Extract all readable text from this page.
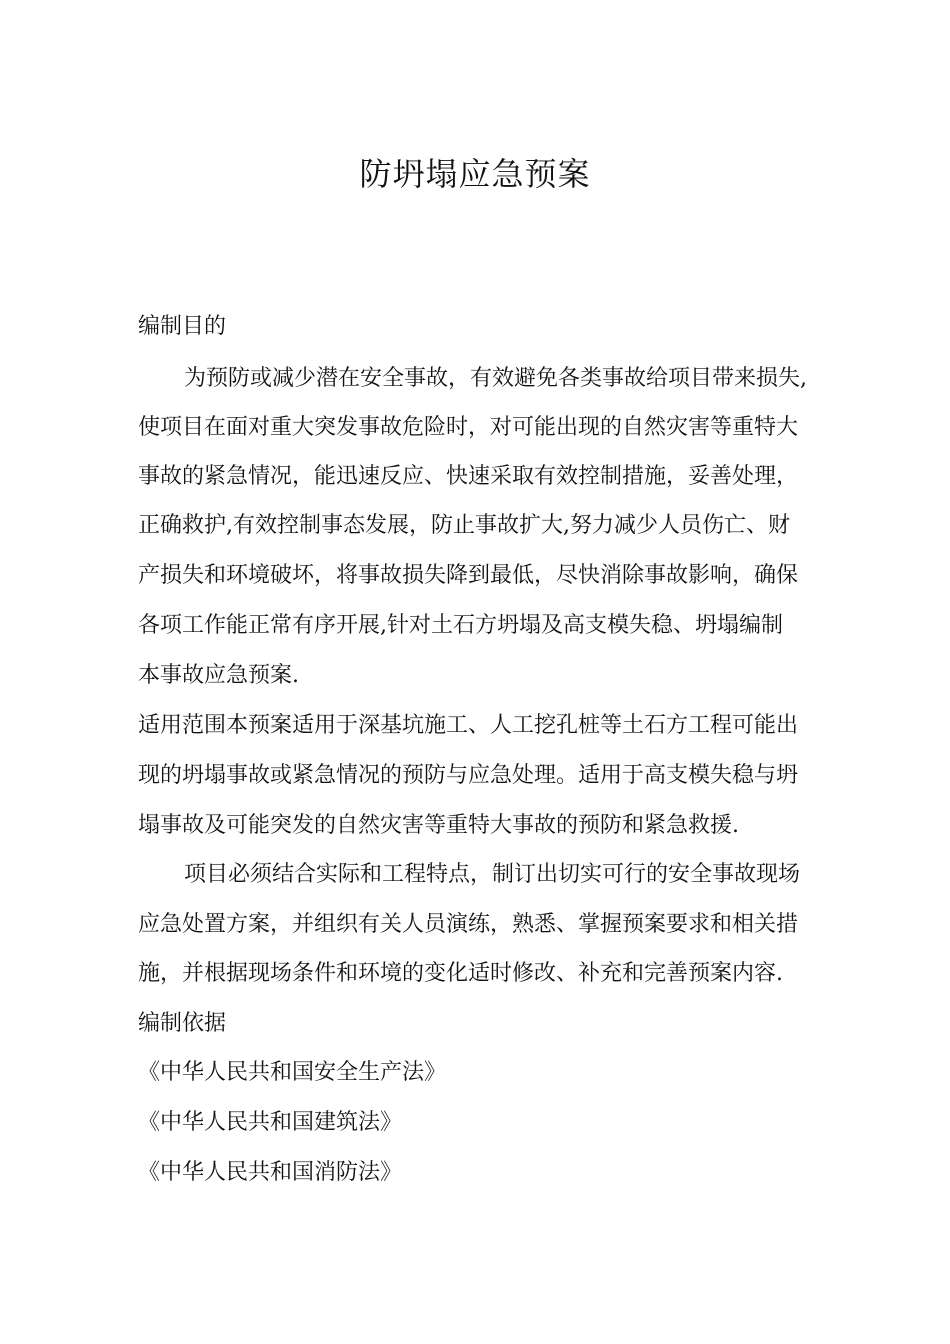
防坍塌应急预案

编制目的

为预防或减少潜在安全事故，有效避免各类事故给项目带来损失,

使项目在面对重大突发事故危险时，对可能出现的自然灾害等重特大

事故的紧急情况，能迅速反应、快速采取有效控制措施，妥善处理，

正确救护,有效控制事态发展，防止事故扩大,努力减少人员伤亡、财

产损失和环境破坏，将事故损失降到最低，尽快消除事故影响，确保

各项工作能正常有序开展,针对土石方坍塌及高支模失稳、坍塌编制

本事故应急预案.

适用范围本预案适用于深基坑施工、人工挖孔桩等土石方工程可能出

现的坍塌事故或紧急情况的预防与应急处理。适用于高支模失稳与坍

塌事故及可能突发的自然灾害等重特大事故的预防和紧急救援.

项目必须结合实际和工程特点，制订出切实可行的安全事故现场

应急处置方案，并组织有关人员演练，熟悉、掌握预案要求和相关措

施，并根据现场条件和环境的变化适时修改、补充和完善预案内容.

编制依据

《中华人民共和国安全生产法》

《中华人民共和国建筑法》

《中华人民共和国消防法》
